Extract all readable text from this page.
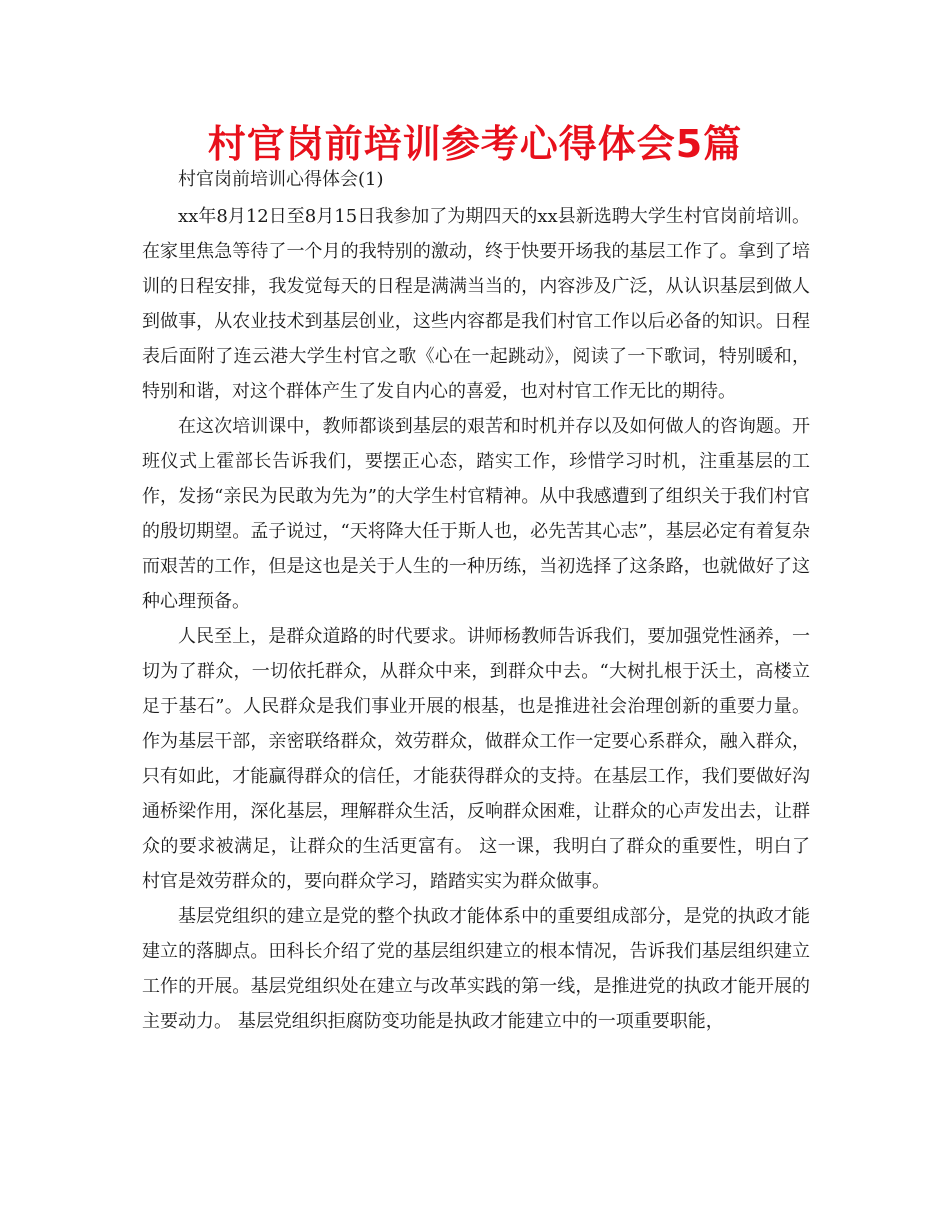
村官岗前培训参考心得体会5篇

村官岗前培训心得体会(1)

xx年8月12日至8月15日我参加了为期四天的xx县新选聘大学生村官岗前培训。在家里焦急等待了一个月的我特别的激动，终于快要开场我的基层工作了。拿到了培训的日程安排，我发觉每天的日程是满满当当的，内容涉及广泛，从认识基层到做人到做事，从农业技术到基层创业，这些内容都是我们村官工作以后必备的知识。日程表后面附了连云港大学生村官之歌《心在一起跳动》，阅读了一下歌词，特别暖和，特别和谐，对这个群体产生了发自内心的喜爱，也对村官工作无比的期待。

在这次培训课中，教师都谈到基层的艰苦和时机并存以及如何做人的咨询题。开班仪式上霍部长告诉我们，要摆正心态，踏实工作，珍惜学习时机，注重基层的工作，发扬“亲民为民敢为先为”的大学生村官精神。从中我感遭到了组织关于我们村官的殷切期望。孟子说过，“天将降大任于斯人也，必先苦其心志”，基层必定有着复杂而艰苦的工作，但是这也是关于人生的一种历练，当初选择了这条路，也就做好了这种心理预备。

人民至上，是群众道路的时代要求。讲师杨教师告诉我们，要加强党性涵养，一切为了群众，一切依托群众，从群众中来，到群众中去。“大树扎根于沃土，高楼立足于基石”。人民群众是我们事业开展的根基，也是推进社会治理创新的重要力量。作为基层干部，亲密联络群众，效劳群众，做群众工作一定要心系群众，融入群众，只有如此，才能赢得群众的信任，才能获得群众的支持。在基层工作，我们要做好沟通桥梁作用，深化基层，理解群众生活，反响群众困难，让群众的心声发出去，让群众的要求被满足，让群众的生活更富有。 这一课，我明白了群众的重要性，明白了村官是效劳群众的，要向群众学习，踏踏实实为群众做事。

基层党组织的建立是党的整个执政才能体系中的重要组成部分，是党的执政才能建立的落脚点。田科长介绍了党的基层组织建立的根本情况，告诉我们基层组织建立工作的开展。基层党组织处在建立与改革实践的第一线，是推进党的执政才能开展的主要动力。 基层党组织拒腐防变功能是执政才能建立中的一项重要职能，
